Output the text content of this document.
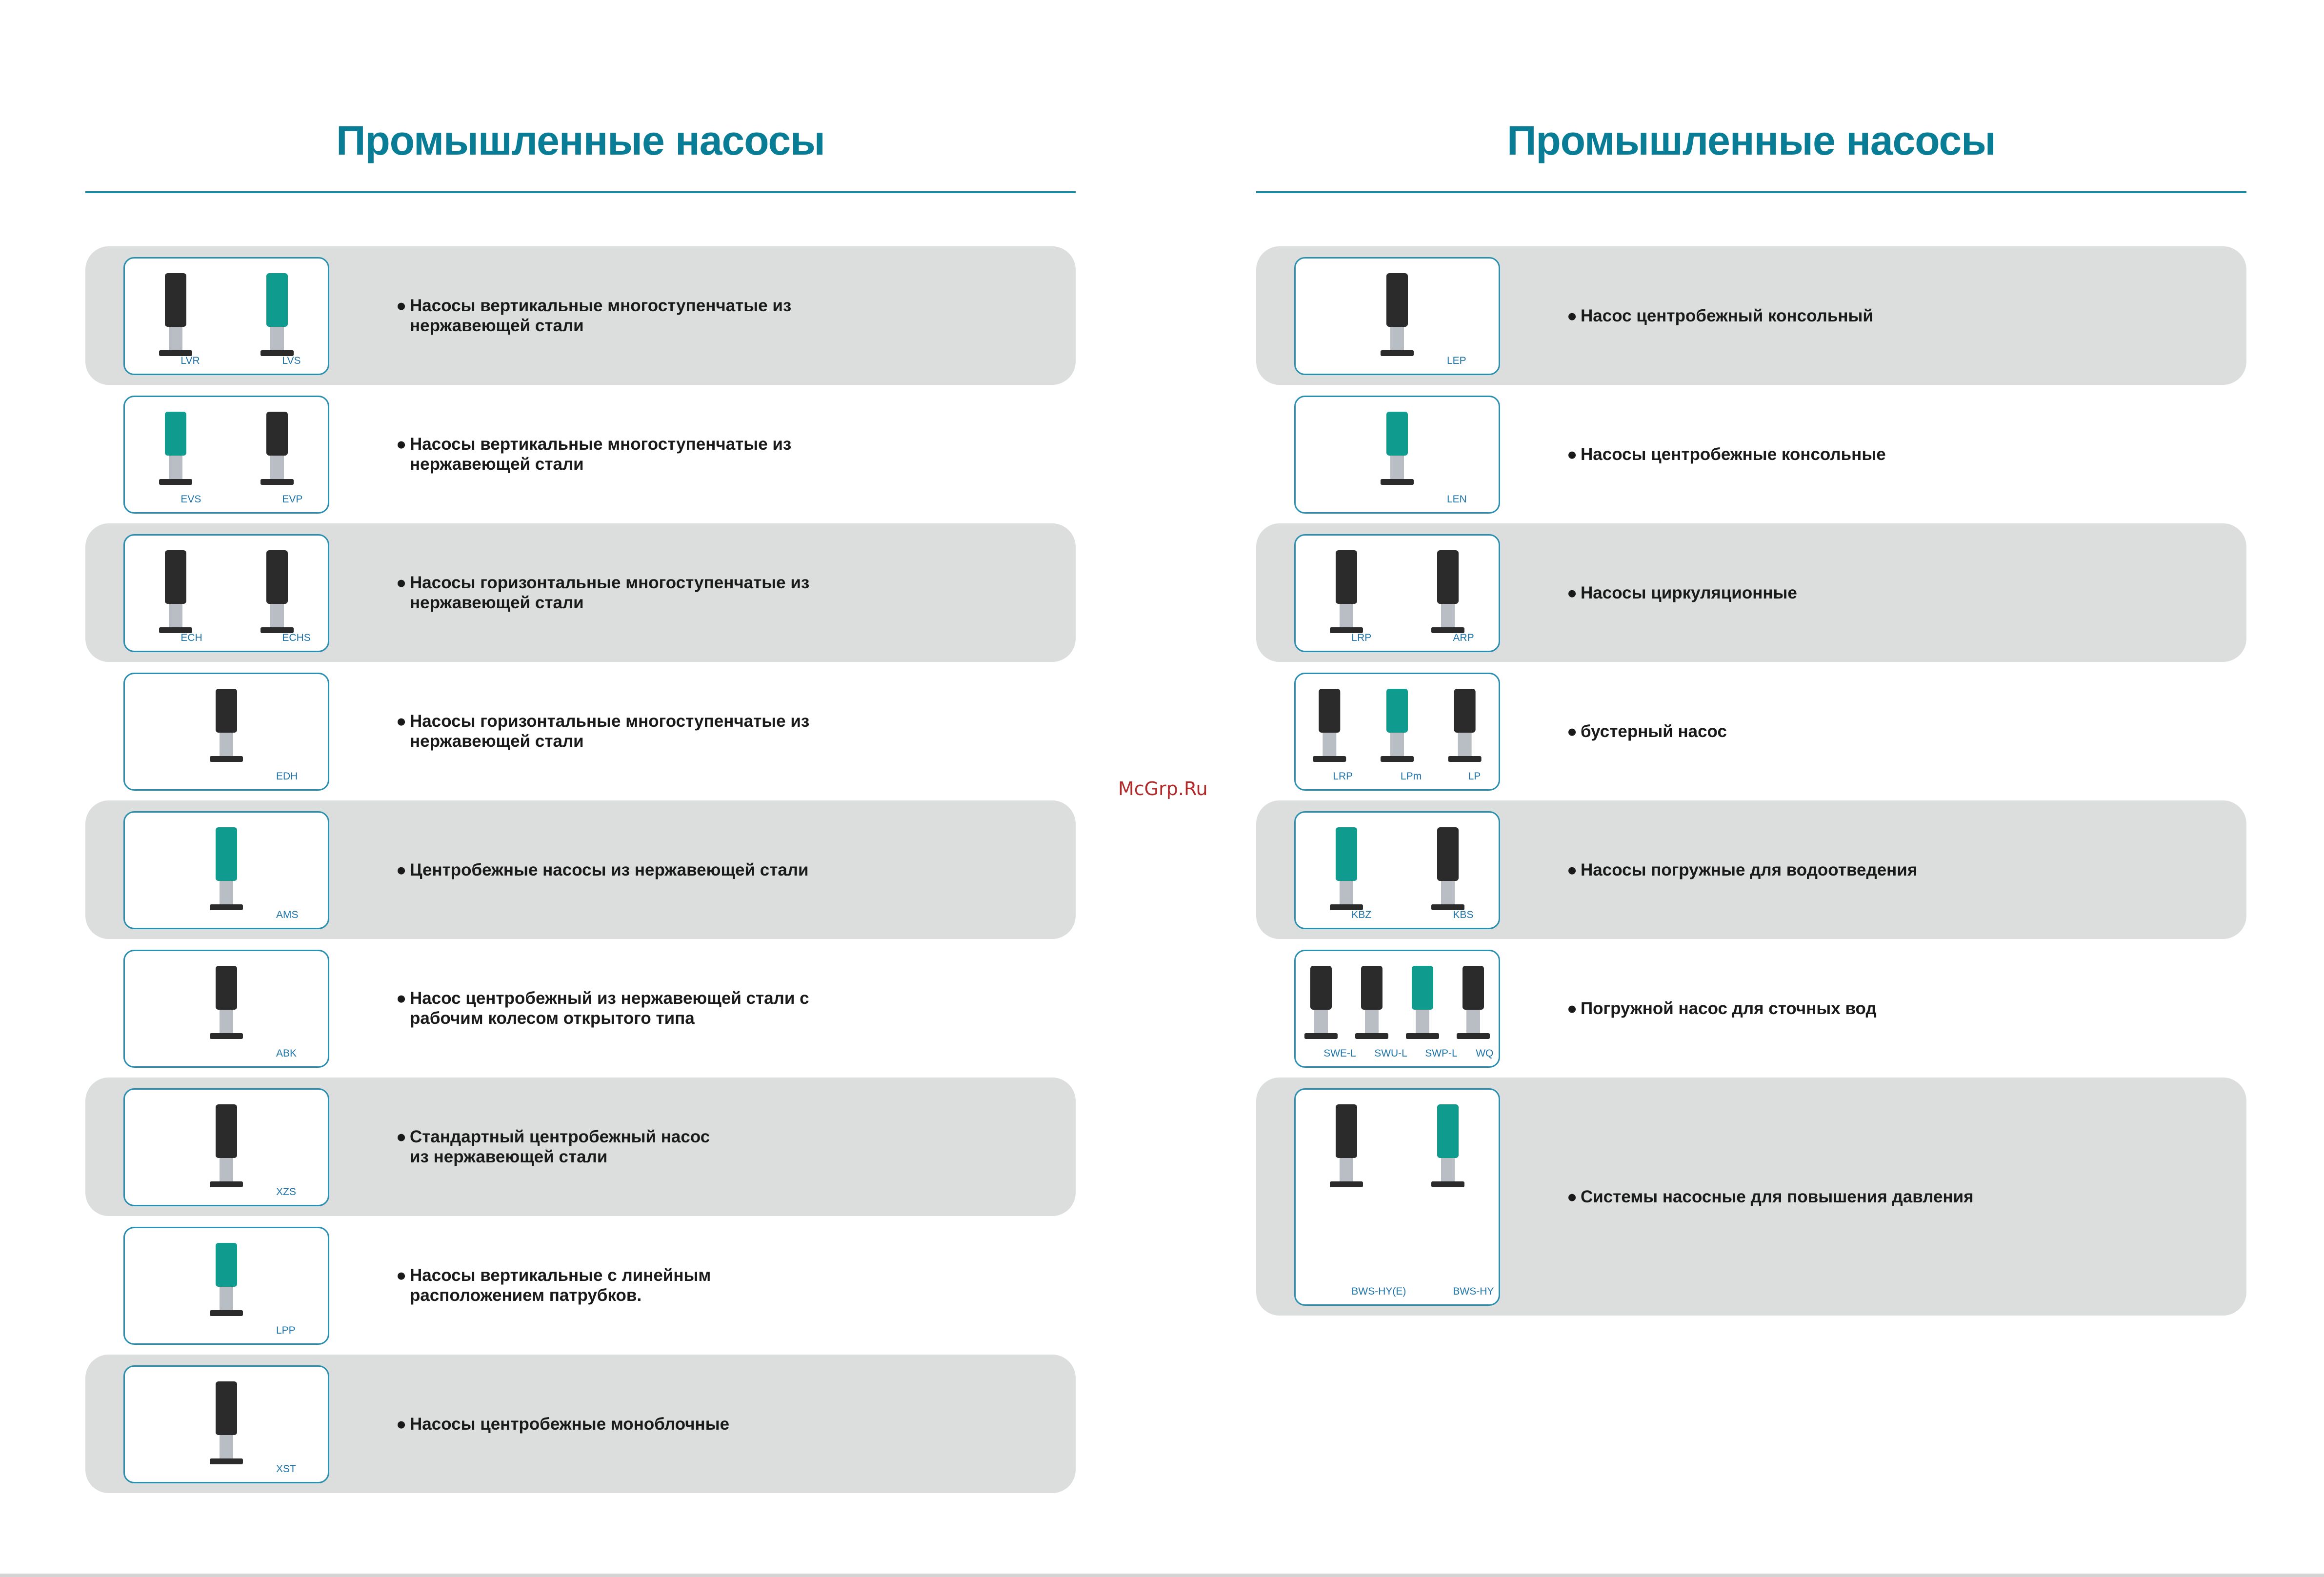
Промышленные насосы
LVR	LVS
● Насосы вертикальные многоступенчатые из
нержавеющей стали
EVS	EVP
● Насосы вертикальные многоступенчатые из
нержавеющей стали
ECH	ECHS
● Насосы горизонтальные многоступенчатые из
нержавеющей стали
EDH
● Насосы горизонтальные многоступенчатые из
нержавеющей стали
AMS
● Центробежные насосы из нержавеющей стали
ABK
● Насос центробежный из нержавеющей стали с
рабочим колесом открытого типа
XZS
● Стандартный центробежный насос
из нержавеющей стали
LPP
● Насосы вертикальные с линейным
расположением патрубков.
XST
● Насосы центробежные моноблочные
Промышленные насосы
LEP
● Насос центробежный консольный
LEN
● Насосы центробежные консольные
LRP	ARP
● Насосы циркуляционные
LRP	LPm	LP
● бустерный насос
KBZ	KBS
● Насосы погружные для водоотведения
SWE-L SWU-L SWP-L WQ
● Погружной насос для сточных вод
BWS-HY(E)	BWS-HY
● Системы насосные для повышения давления
McGrp.Ru
